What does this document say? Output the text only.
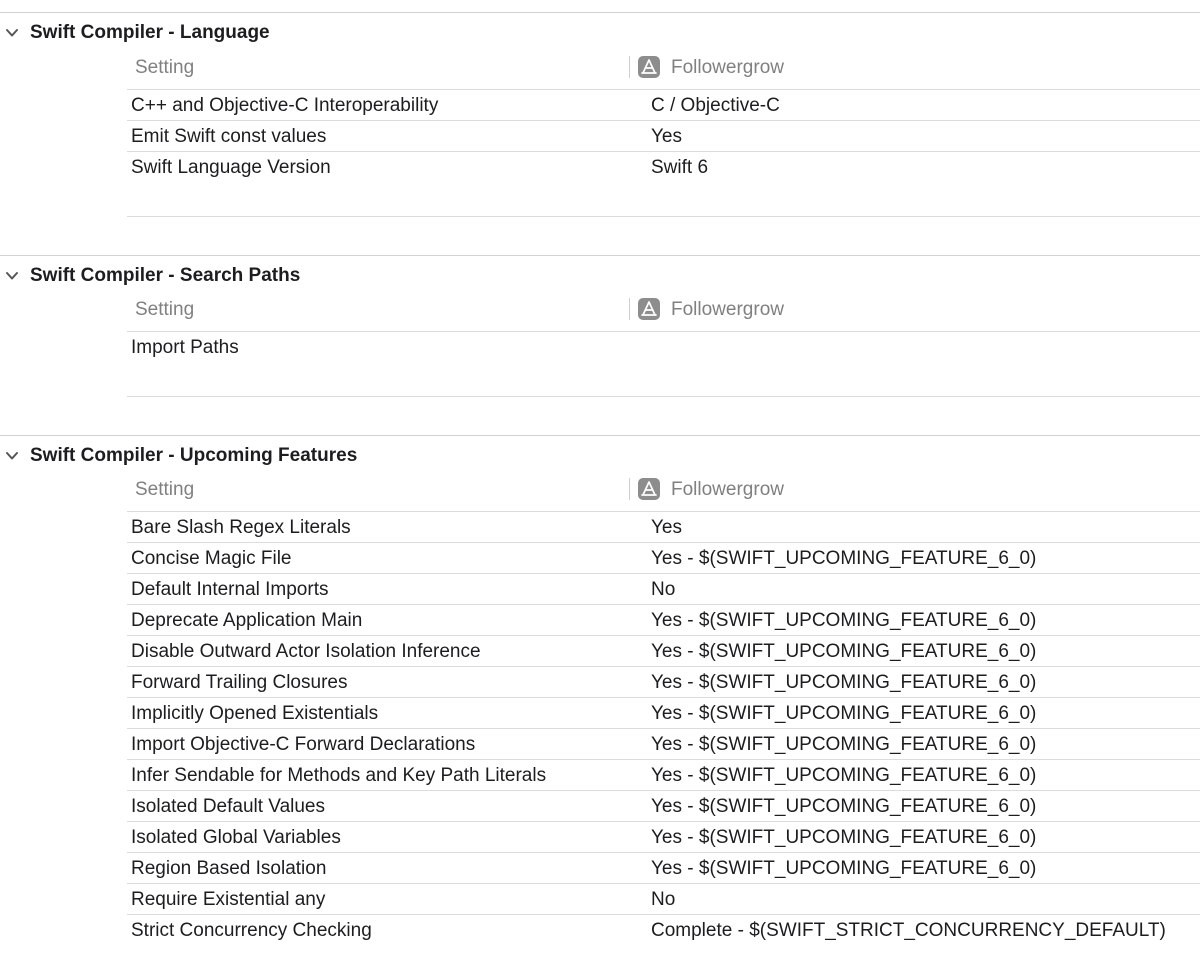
Swift Compiler - Language
Setting	Followergrow
C++ and Objective-C Interoperability	C / Objective-C
Emit Swift const values	Yes
Swift Language Version	Swift 6
Swift Compiler - Search Paths
Setting	Followergrow
Import Paths
Swift Compiler - Upcoming Features
Setting	Followergrow
Bare Slash Regex Literals	Yes
Concise Magic File	Yes - $(SWIFT_UPCOMING_FEATURE_6_0)
Default Internal Imports	No
Deprecate Application Main	Yes - $(SWIFT_UPCOMING_FEATURE_6_0)
Disable Outward Actor Isolation Inference	Yes - $(SWIFT_UPCOMING_FEATURE_6_0)
Forward Trailing Closures	Yes - $(SWIFT_UPCOMING_FEATURE_6_0)
Implicitly Opened Existentials	Yes - $(SWIFT_UPCOMING_FEATURE_6_0)
Import Objective-C Forward Declarations	Yes - $(SWIFT_UPCOMING_FEATURE_6_0)
Infer Sendable for Methods and Key Path Literals	Yes - $(SWIFT_UPCOMING_FEATURE_6_0)
Isolated Default Values	Yes - $(SWIFT_UPCOMING_FEATURE_6_0)
Isolated Global Variables	Yes - $(SWIFT_UPCOMING_FEATURE_6_0)
Region Based Isolation	Yes - $(SWIFT_UPCOMING_FEATURE_6_0)
Require Existential any	No
Strict Concurrency Checking	Complete - $(SWIFT_STRICT_CONCURRENCY_DEFAULT)
